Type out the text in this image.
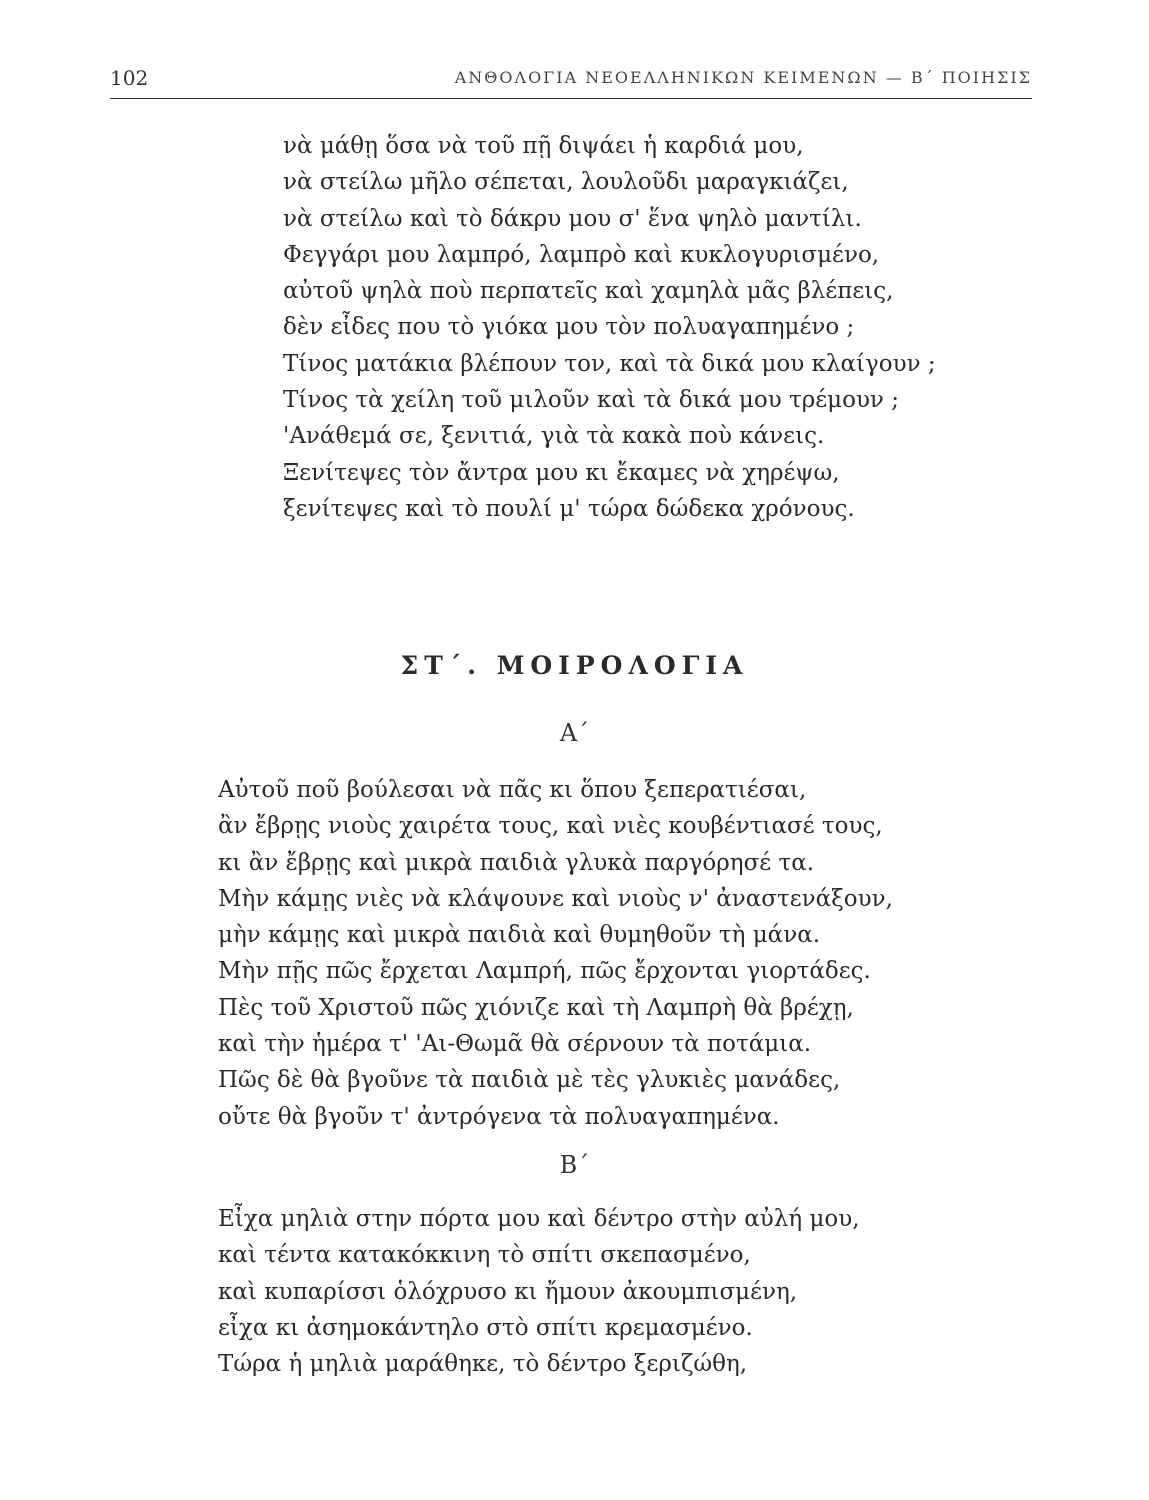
102	ΑΝΘΟΛΟΓΙΑ ΝΕΟΕΛΛΗΝΙΚΩΝ ΚΕΙΜΕΝΩΝ — Β΄ ΠΟΙΗΣΙΣ
νὰ μάθῃ ὅσα νὰ τοῦ πῇ διψάει ἡ καρδιά μου,
νὰ στείλω μῆλο σέπεται, λουλοῦδι μαραγκιάζει,
νὰ στείλω καὶ τὸ δάκρυ μου σ' ἕνα ψηλὸ μαντίλι.
Φεγγάρι μου λαμπρό, λαμπρὸ καὶ κυκλογυρισμένο,
αὐτοῦ ψηλὰ ποὺ περπατεῖς καὶ χαμηλὰ μᾶς βλέπεις,
δὲν εἶδες που τὸ γιόκα μου τὸν πολυαγαπημένο ;
Τίνος ματάκια βλέπουν τον, καὶ τὰ δικά μου κλαίγουν ;
Τίνος τὰ χείλη τοῦ μιλοῦν καὶ τὰ δικά μου τρέμουν ;
'Ανάθεμά σε, ξενιτιά, γιὰ τὰ κακὰ ποὺ κάνεις.
Ξενίτεψες τὸν ἄντρα μου κι ἔκαμες νὰ χηρέψω,
ξενίτεψες καὶ τὸ πουλί μ' τώρα δώδεκα χρόνους.
ΣΤ΄. ΜΟΙΡΟΛΟΓΙΑ
Α΄
Αὐτοῦ ποῦ βούλεσαι νὰ πᾶς κι ὅπου ξεπερατιέσαι,
ἂν ἔβρῃς νιοὺς χαιρέτα τους, καὶ νιὲς κουβέντιασέ τους,
κι ἂν ἔβρῃς καὶ μικρὰ παιδιὰ γλυκὰ παργόρησέ τα.
Μὴν κάμῃς νιὲς νὰ κλάψουνε καὶ νιοὺς ν' ἀναστενάξουν,
μὴν κάμῃς καὶ μικρὰ παιδιὰ καὶ θυμηθοῦν τὴ μάνα.
Μὴν πῇς πῶς ἔρχεται Λαμπρή, πῶς ἔρχονται γιορτάδες.
Πὲς τοῦ Χριστοῦ πῶς χιόνιζε καὶ τὴ Λαμπρὴ θὰ βρέχῃ,
καὶ τὴν ἡμέρα τ' 'Αι-Θωμᾶ θὰ σέρνουν τὰ ποτάμια.
Πῶς δὲ θὰ βγοῦνε τὰ παιδιὰ μὲ τὲς γλυκιὲς μανάδες,
οὔτε θὰ βγοῦν τ' ἀντρόγενα τὰ πολυαγαπημένα.
Β΄
Εἶχα μηλιὰ στην πόρτα μου καὶ δέντρο στὴν αὐλή μου,
καὶ τέντα κατακόκκινη τὸ σπίτι σκεπασμένο,
καὶ κυπαρίσσι ὁλόχρυσο κι ἤμουν ἀκουμπισμένη,
εἶχα κι ἀσημοκάντηλο στὸ σπίτι κρεμασμένο.
Τώρα ἡ μηλιὰ μαράθηκε, τὸ δέντρο ξεριζώθη,
